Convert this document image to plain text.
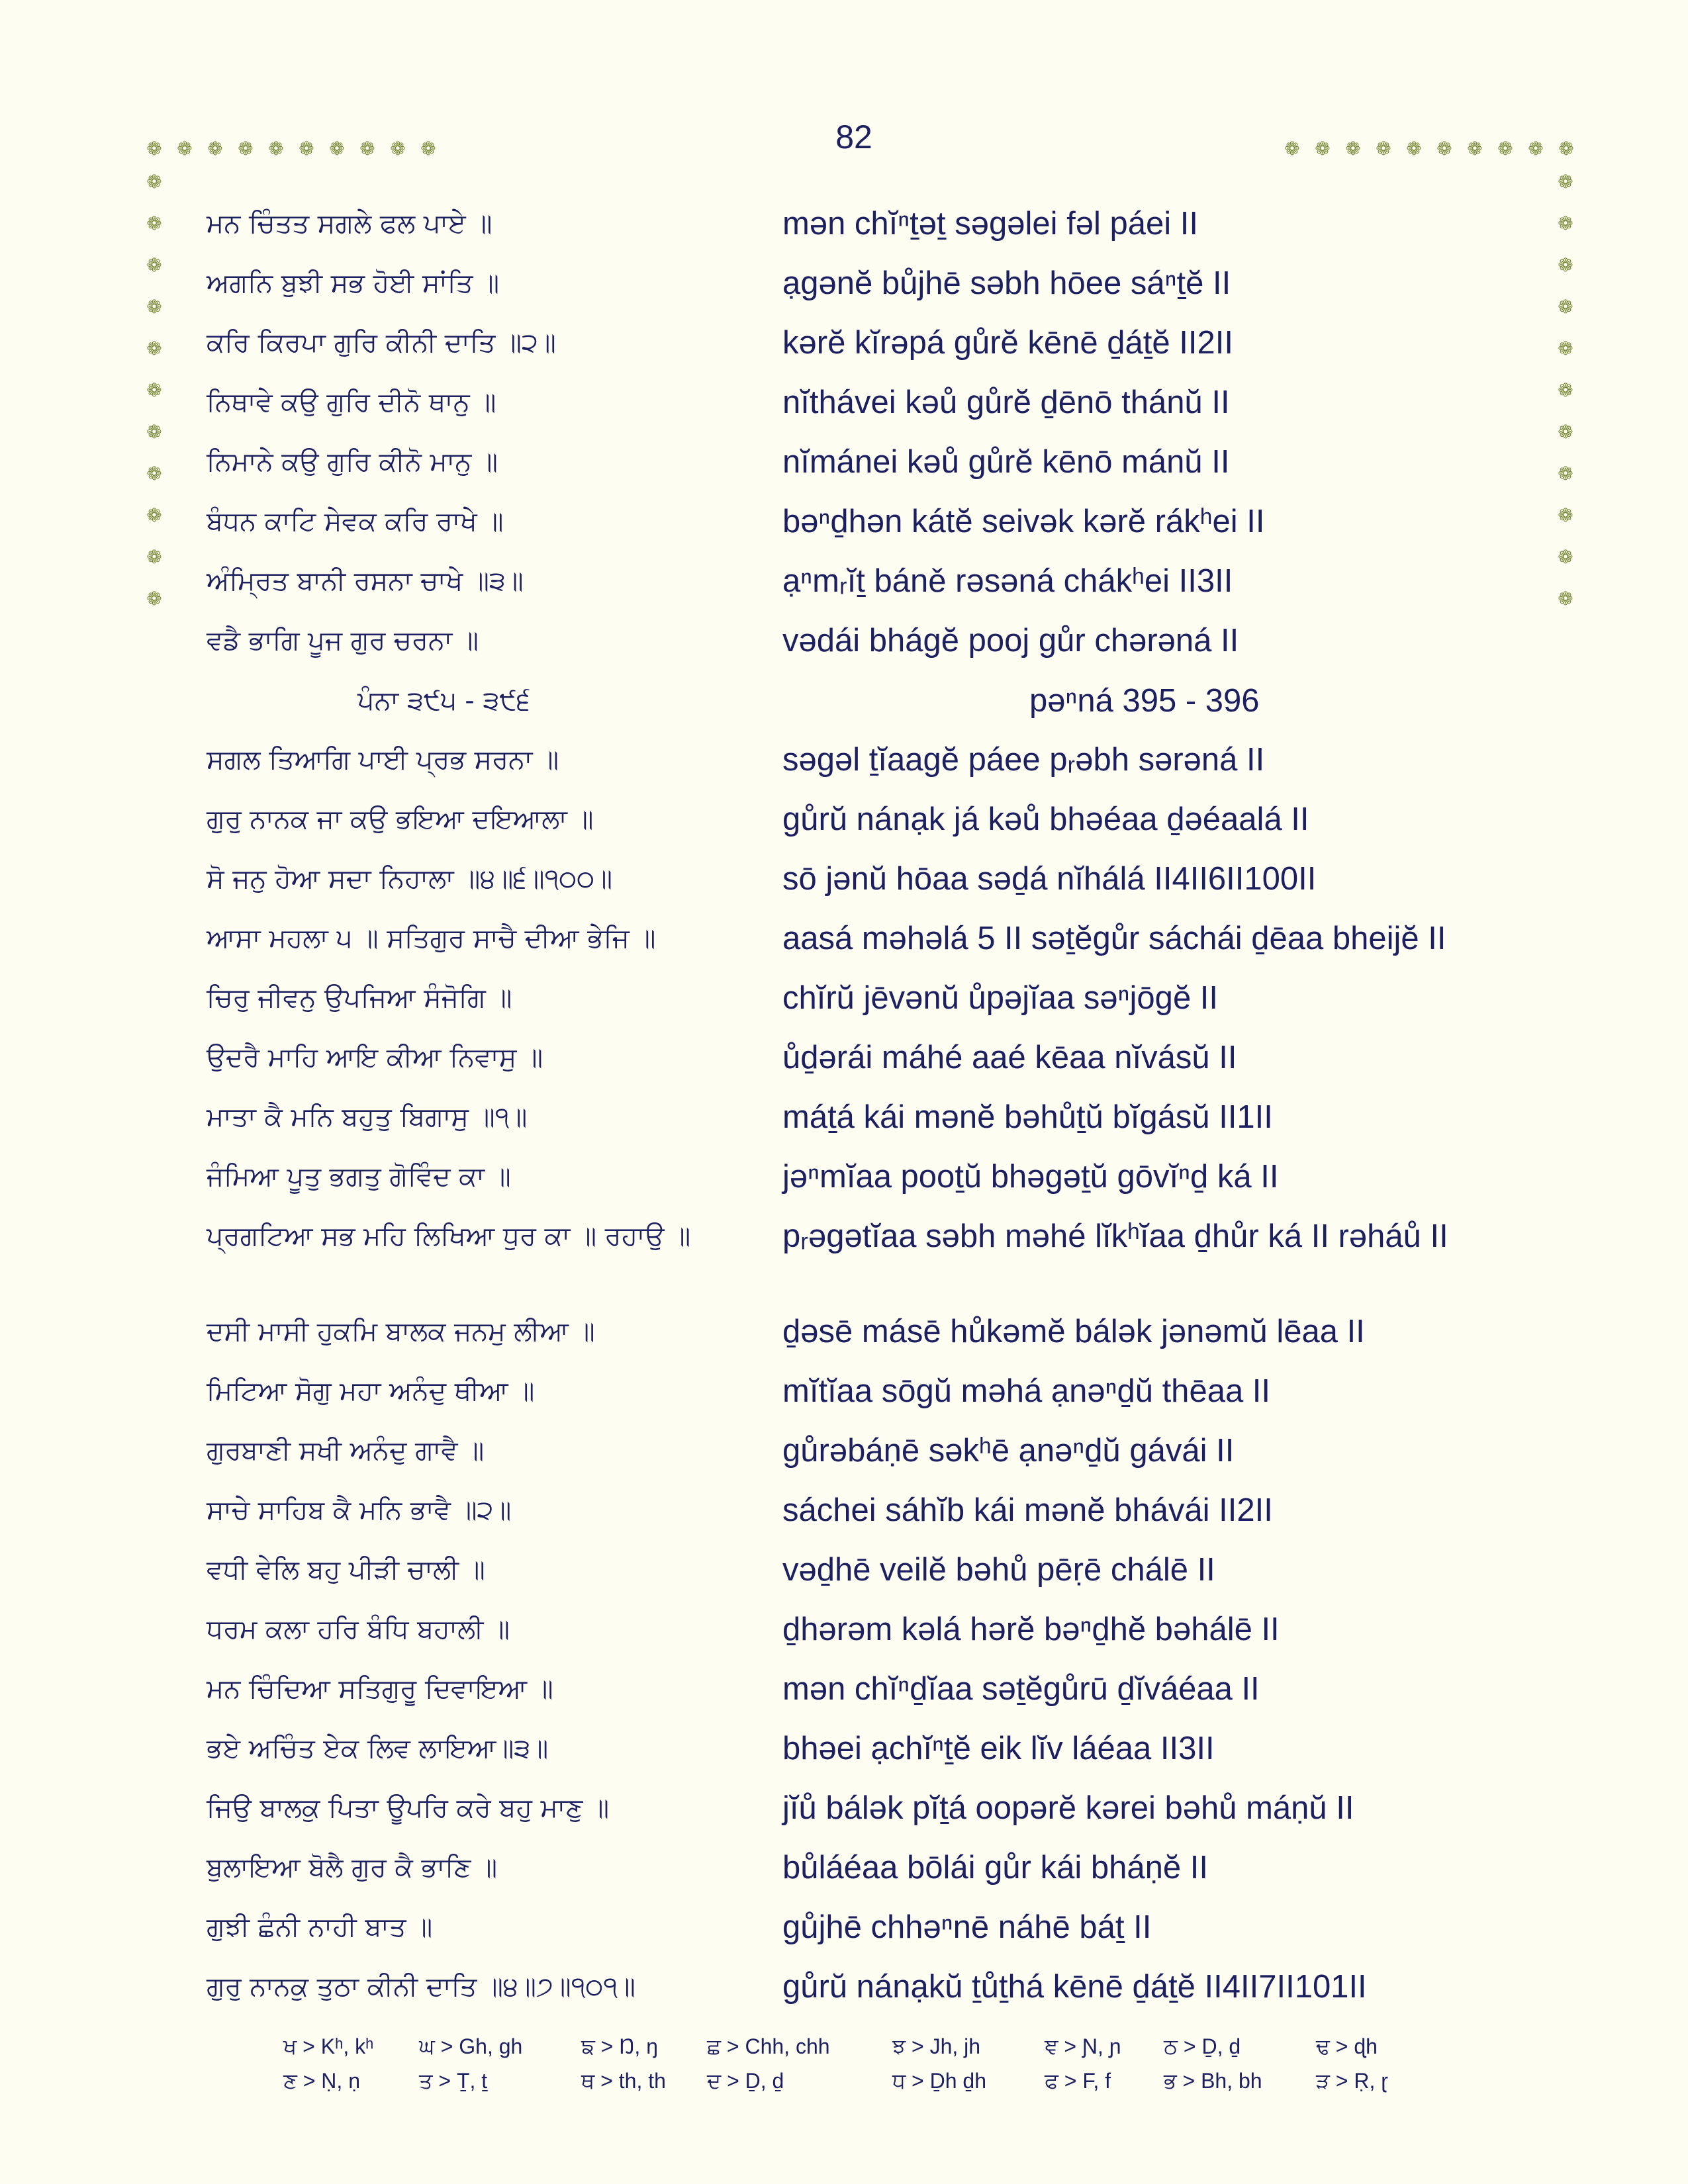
82
❁ ❁ ❁ ❁ ❁ ❁ ❁ ❁ ❁ ❁	❁ ❁ ❁ ❁ ❁ ❁ ❁ ❁ ❁ ❁
❁
❁
❁
❁
❁
❁
❁
❁
❁
❁
❁
❁
❁
❁
❁
❁
❁
❁
❁
❁
❁
❁
ਮਨ ਚਿੰਤਤ ਸਗਲੇ ਫਲ ਪਾਏ ॥	mən chĭⁿṯəṯ səgəlei fəl páei II
ਅਗਨਿ ਬੁਝੀ ਸਭ ਹੋਈ ਸਾਂਤਿ ॥	ạgənĕ bůjhē səbh hōee sáⁿṯĕ II
ਕਰਿ ਕਿਰਪਾ ਗੁਰਿ ਕੀਨੀ ਦਾਤਿ ॥੨॥	kərĕ kĭrəpá gůrĕ kēnē ḏáṯĕ II2II
ਨਿਥਾਵੇ ਕਉ ਗੁਰਿ ਦੀਨੋ ਥਾਨੁ ॥	nĭthávei kəů gůrĕ ḏēnō thánŭ II
ਨਿਮਾਨੇ ਕਉ ਗੁਰਿ ਕੀਨੋ ਮਾਨੁ ॥	nĭmánei kəů gůrĕ kēnō mánŭ II
ਬੰਧਨ ਕਾਟਿ ਸੇਵਕ ਕਰਿ ਰਾਖੇ ॥	bəⁿḏhən kátĕ seivək kərĕ rákʰei II
ਅੰਮ੍ਰਿਤ ਬਾਨੀ ਰਸਨਾ ਚਾਖੇ ॥੩॥	ạⁿmᵣĭṯ báně rəsəná chákʰei II3II
ਵਡੈ ਭਾਗਿ ਪੂਜ ਗੁਰ ਚਰਨਾ ॥	vədái bhágĕ pooj gůr chərəná II
ਪੰਨਾ ੩੯੫ - ੩੯੬	pəⁿná 395 - 396
ਸਗਲ ਤਿਆਗਿ ਪਾਈ ਪ੍ਰਭ ਸਰਨਾ ॥	səgəl ṯĭaagĕ páee pᵣəbh sərəná II
ਗੁਰੁ ਨਾਨਕ ਜਾ ਕਉ ਭਇਆ ਦਇਆਲਾ ॥	gůrŭ nánạk já kəů bhəéaa ḏəéaalá II
ਸੋ ਜਨੁ ਹੋਆ ਸਦਾ ਨਿਹਾਲਾ ॥੪॥੬॥੧੦੦॥	sō jənŭ hōaa səḏá nĭhálá II4II6II100II
ਆਸਾ ਮਹਲਾ ੫ ॥ ਸਤਿਗੁਰ ਸਾਚੈ ਦੀਆ ਭੇਜਿ ॥	aasá məhəlá 5 II səṯĕgůr sáchái ḏēaa bheijĕ II
ਚਿਰੁ ਜੀਵਨੁ ਉਪਜਿਆ ਸੰਜੋਗਿ ॥	chĭrŭ jēvənŭ ůpəjĭaa səⁿjōgĕ II
ਉਦਰੈ ਮਾਹਿ ਆਇ ਕੀਆ ਨਿਵਾਸੁ ॥	ůḏərái máhé aaé kēaa nĭvásŭ II
ਮਾਤਾ ਕੈ ਮਨਿ ਬਹੁਤੁ ਬਿਗਾਸੁ ॥੧॥	máṯá kái mənĕ bəhůṯŭ bĭgásŭ II1II
ਜੰਮਿਆ ਪੂਤੁ ਭਗਤੁ ਗੋਵਿੰਦ ਕਾ ॥	jəⁿmĭaa pooṯŭ bhəgəṯŭ gōvĭⁿḏ ká II
ਪ੍ਰਗਟਿਆ ਸਭ ਮਹਿ ਲਿਖਿਆ ਧੁਰ ਕਾ ॥ ਰਹਾਉ ॥	pᵣəgətĭaa səbh məhé lĭkʰĭaa ḏhůr ká II rəháů II
ਦਸੀ ਮਾਸੀ ਹੁਕਮਿ ਬਾਲਕ ਜਨਮੁ ਲੀਆ ॥	ḏəsē másē hůkəmĕ bálək jənəmŭ lēaa II
ਮਿਟਿਆ ਸੋਗੁ ਮਹਾ ਅਨੰਦੁ ਥੀਆ ॥	mĭtĭaa sōgŭ məhá ạnəⁿḏŭ thēaa II
ਗੁਰਬਾਣੀ ਸਖੀ ਅਨੰਦੁ ਗਾਵੈ ॥	gůrəbáṇē səkʰē ạnəⁿḏŭ gávái II
ਸਾਚੇ ਸਾਹਿਬ ਕੈ ਮਨਿ ਭਾਵੈ ॥੨॥	sáchei sáhĭb kái mənĕ bhávái II2II
ਵਧੀ ਵੇਲਿ ਬਹੁ ਪੀੜੀ ਚਾਲੀ ॥	vəḏhē veilĕ bəhů pēṛē chálē II
ਧਰਮ ਕਲਾ ਹਰਿ ਬੰਧਿ ਬਹਾਲੀ ॥	ḏhərəm kəlá hərĕ bəⁿḏhĕ bəhálē II
ਮਨ ਚਿੰਦਿਆ ਸਤਿਗੁਰੂ ਦਿਵਾਇਆ ॥	mən chĭⁿḏĭaa səṯĕgůrū ḏĭváéaa II
ਭਏ ਅਚਿੰਤ ਏਕ ਲਿਵ ਲਾਇਆ॥੩॥	bhəei ạchĭⁿṯĕ eik lĭv láéaa II3II
ਜਿਉ ਬਾਲਕੁ ਪਿਤਾ ਊਪਰਿ ਕਰੇ ਬਹੁ ਮਾਣੁ ॥	jĭů bálək pĭṯá oopərĕ kərei bəhů máṇŭ II
ਬੁਲਾਇਆ ਬੋਲੈ ਗੁਰ ਕੈ ਭਾਣਿ ॥	bůláéaa bōlái gůr kái bháṇĕ II
ਗੁਝੀ ਛੰਨੀ ਨਾਹੀ ਬਾਤ ॥	gůjhē chhəⁿnē náhē báṯ II
ਗੁਰੁ ਨਾਨਕੁ ਤੁਠਾ ਕੀਨੀ ਦਾਤਿ ॥੪॥੭॥੧੦੧॥	gůrŭ nánạkŭ ṯůṯhá kēnē ḏáṯĕ II4II7II101II
ਖ > Kʰ, kʰ ਘ > Gh, gh	ਙ > Ŋ, ŋ ਛ > Chh, chh	ਝ > Jh, jh	ਞ > Ɲ, ɲ ਠ > Ḏ, ḏ	ਢ > ɖh
ਣ > Ṇ, ṇ	ਤ > Ṯ, ṯ	ਥ > th, th ਦ > Ḏ, ḏ	ਧ > Ḏh ḏh	ਫ > F, f ਭ > Bh, bh	ੜ > Ṛ, ɽ
